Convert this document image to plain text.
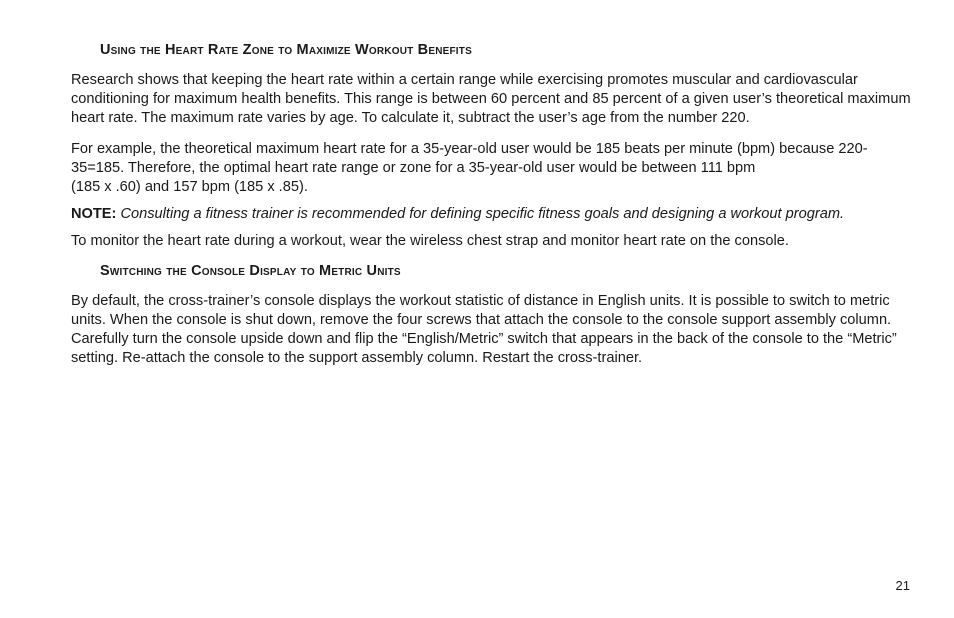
Using the Heart Rate Zone to Maximize Workout Benefits

Research shows that keeping the heart rate within a certain range while exercising promotes muscular and cardiovascular conditioning for maximum health benefits. This range is between 60 percent and 85 percent of a given user’s theoretical maximum heart rate. The maximum rate varies by age. To calculate it, subtract the user’s age from the number 220.

For example, the theoretical maximum heart rate for a 35-year-old user would be 185 beats per minute (bpm) because 220-35=185. Therefore, the optimal heart rate range or zone for a 35-year-old user would be between 111 bpm
(185 x .60) and 157 bpm (185 x .85).

NOTE: Consulting a fitness trainer is recommended for defining specific fitness goals and designing a workout program.

To monitor the heart rate during a workout, wear the wireless chest strap and monitor heart rate on the console.

Switching the Console Display to Metric Units

By default, the cross-trainer’s console displays the workout statistic of distance in English units. It is possible to switch to metric units. When the console is shut down, remove the four screws that attach the console to the console support assembly column. Carefully turn the console upside down and flip the “English/Metric” switch that appears in the back of the console to the “Metric” setting. Re-attach the console to the support assembly column. Restart the cross-trainer.

21
